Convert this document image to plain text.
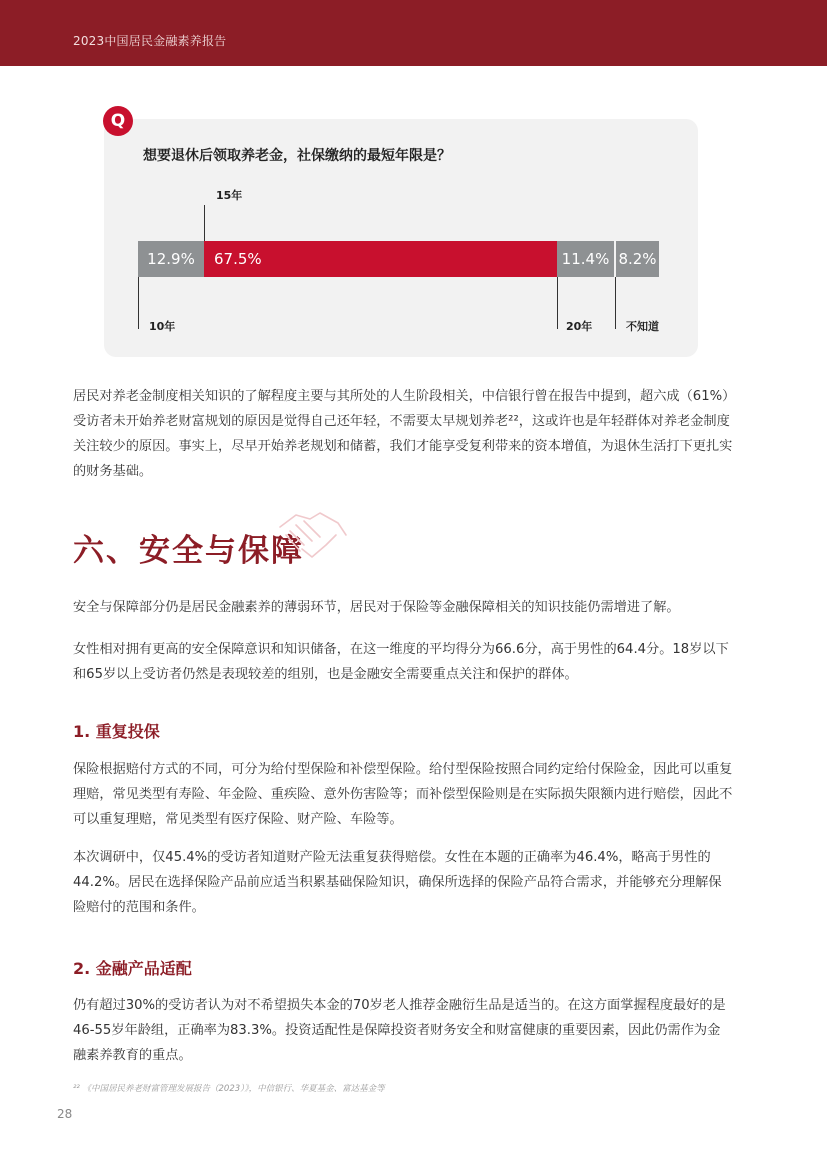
2023中国居民金融素养报告
Q
想要退休后领取养老金，社保缴纳的最短年限是？
15年
12.9%	67.5%	11.4% 8.2%
10年	20年	不知道
居民对养老金制度相关知识的了解程度主要与其所处的人生阶段相关，中信银行曾在报告中提到，超六成（61%）受访者未开始养老财富规划的原因是觉得自己还年轻，不需要太早规划养老²²，这或许也是年轻群体对养老金制度关注较少的原因。事实上，尽早开始养老规划和储蓄，我们才能享受复利带来的资本增值，为退休生活打下更扎实的财务基础。
六、安全与保障
安全与保障部分仍是居民金融素养的薄弱环节，居民对于保险等金融保障相关的知识技能仍需增进了解。
女性相对拥有更高的安全保障意识和知识储备，在这一维度的平均得分为66.6分，高于男性的64.4分。18岁以下和65岁以上受访者仍然是表现较差的组别，也是金融安全需要重点关注和保护的群体。
1. 重复投保
保险根据赔付方式的不同，可分为给付型保险和补偿型保险。给付型保险按照合同约定给付保险金，因此可以重复理赔，常见类型有寿险、年金险、重疾险、意外伤害险等；而补偿型保险则是在实际损失限额内进行赔偿，因此不可以重复理赔，常见类型有医疗保险、财产险、车险等。
本次调研中，仅45.4%的受访者知道财产险无法重复获得赔偿。女性在本题的正确率为46.4%，略高于男性的44.2%。居民在选择保险产品前应适当积累基础保险知识，确保所选择的保险产品符合需求，并能够充分理解保险赔付的范围和条件。
2. 金融产品适配
仍有超过30%的受访者认为对不希望损失本金的70岁老人推荐金融衍生品是适当的。在这方面掌握程度最好的是46-55岁年龄组，正确率为83.3%。投资适配性是保障投资者财务安全和财富健康的重要因素，因此仍需作为金融素养教育的重点。
²² 《中国居民养老财富管理发展报告（2023）》，中信银行、华夏基金、富达基金等
28
